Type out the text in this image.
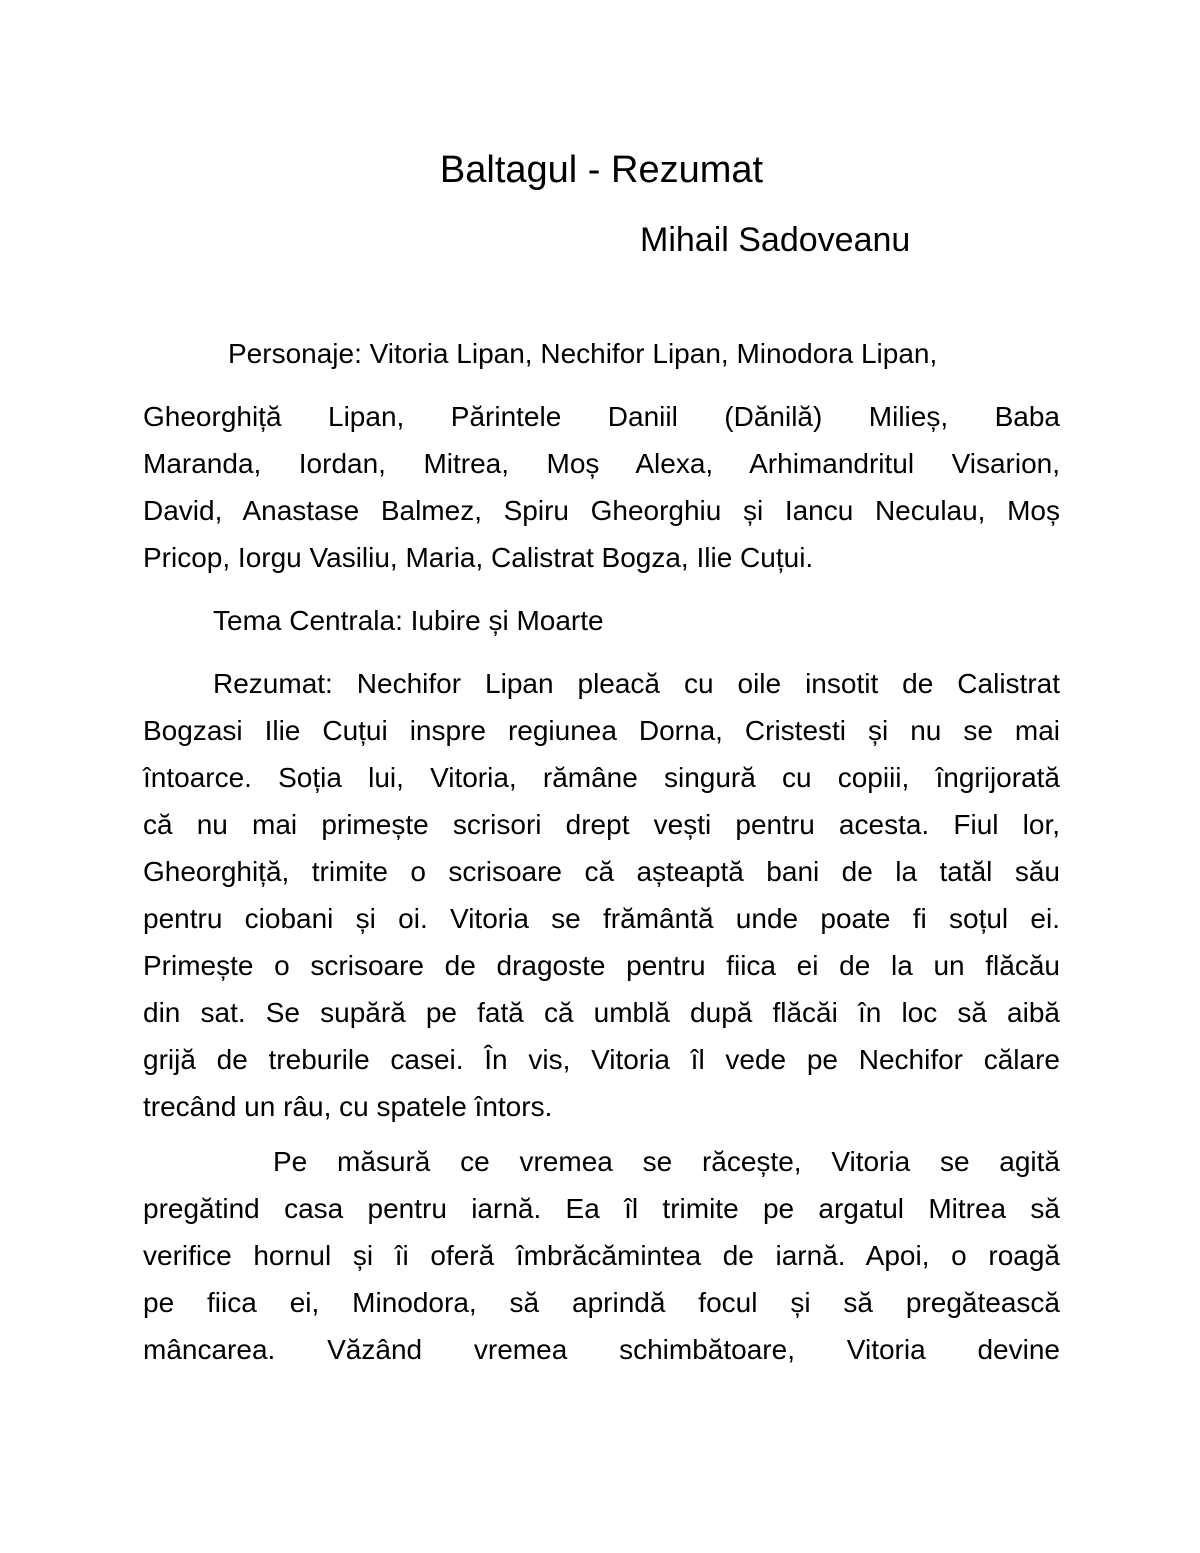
Baltagul - Rezumat
Mihail Sadoveanu
Personaje: Vitoria Lipan, Nechifor Lipan, Minodora Lipan,
Gheorghiță Lipan, Părintele Daniil (Dănilă) Milieș, Baba
Maranda, Iordan, Mitrea, Moș Alexa, Arhimandritul Visarion,
David, Anastase Balmez, Spiru Gheorghiu și Iancu Neculau, Moș
Pricop, Iorgu Vasiliu, Maria, Calistrat Bogza, Ilie Cuțui.
Tema Centrala: Iubire și Moarte
Rezumat: Nechifor Lipan pleacă cu oile insotit de Calistrat
Bogzasi Ilie Cuțui inspre regiunea Dorna, Cristesti și nu se mai
întoarce. Soția lui, Vitoria, rămâne singură cu copiii, îngrijorată
că nu mai primește scrisori drept vești pentru acesta. Fiul lor,
Gheorghiță, trimite o scrisoare că așteaptă bani de la tatăl său
pentru ciobani și oi. Vitoria se frământă unde poate fi soțul ei.
Primește o scrisoare de dragoste pentru fiica ei de la un flăcău
din sat. Se supără pe fată că umblă după flăcăi în loc să aibă
grijă de treburile casei. În vis, Vitoria îl vede pe Nechifor călare
trecând un râu, cu spatele întors.
Pe măsură ce vremea se răcește, Vitoria se agită
pregătind casa pentru iarnă. Ea îl trimite pe argatul Mitrea să
verifice hornul și îi oferă îmbrăcămintea de iarnă. Apoi, o roagă
pe fiica ei, Minodora, să aprindă focul și să pregătească
mâncarea. Văzând vremea schimbătoare, Vitoria devine
